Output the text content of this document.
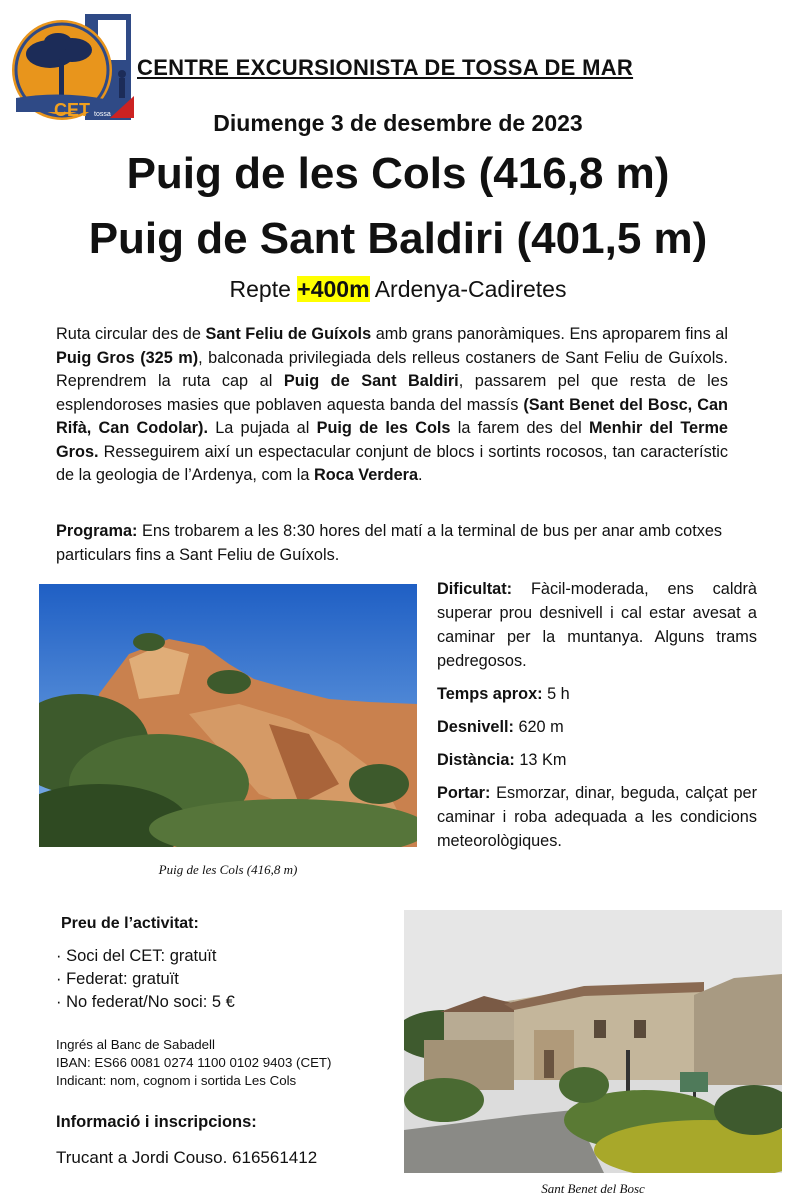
CET tossa
CENTRE EXCURSIONISTA DE TOSSA DE MAR
Diumenge 3 de desembre de 2023
Puig de les Cols (416,8 m)
Puig de Sant Baldiri (401,5 m)
Repte +400m Ardenya-Cadiretes
Ruta circular des de Sant Feliu de Guíxols amb grans panoràmiques. Ens aproparem fins al Puig Gros (325 m), balconada privilegiada dels relleus costaners de Sant Feliu de Guíxols. Reprendrem la ruta cap al Puig de Sant Baldiri, passarem pel que resta de les esplendoroses masies que poblaven aquesta banda del massís (Sant Benet del Bosc, Can Rifà, Can Codolar). La pujada al Puig de les Cols la farem des del Menhir del Terme Gros. Resseguirem així un espectacular conjunt de blocs i sortints rocosos, tan característic de la geologia de l’Ardenya, com la Roca Verdera.
Programa: Ens trobarem a les 8:30 hores del matí a la terminal de bus per anar amb cotxes particulars fins a Sant Feliu de Guíxols.
Puig de les Cols (416,8 m)

Dificultat: Fàcil-moderada, ens caldrà superar prou desnivell i cal estar avesat a caminar per la muntanya. Alguns trams pedregosos.

Temps aprox: 5 h

Desnivell: 620 m

Distància: 13 Km

Portar: Esmorzar, dinar, beguda, calçat per caminar i roba adequada a les condicions meteorològiques.

Preu de l’activitat:
· Soci del CET: gratuït
· Federat: gratuït
· No federat/No soci: 5 €
Ingrés al Banc de Sabadell
IBAN: ES66 0081 0274 1100 0102 9403 (CET)
Indicant: nom, cognom i sortida Les Cols
Informació i inscripcions:
Trucant a Jordi Couso. 616561412
Sant Benet del Bosc
